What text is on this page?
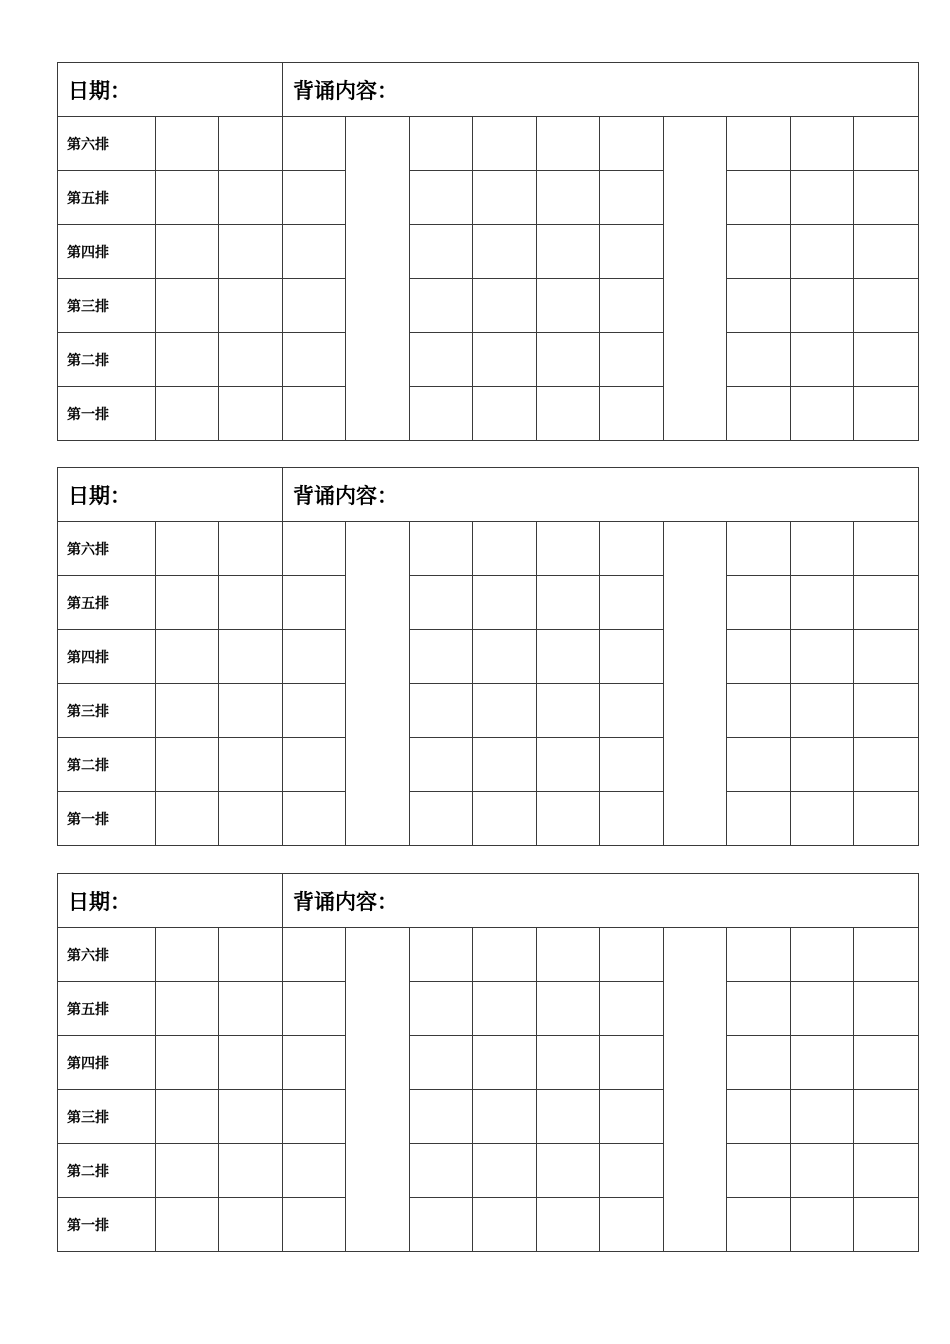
日期：			背诵内容：									
第六排												
第五排												
第四排												
第三排												
第二排												
第一排												
日期：			背诵内容：									
第六排												
第五排												
第四排												
第三排												
第二排												
第一排												
日期：			背诵内容：									
第六排												
第五排												
第四排												
第三排												
第二排												
第一排												
